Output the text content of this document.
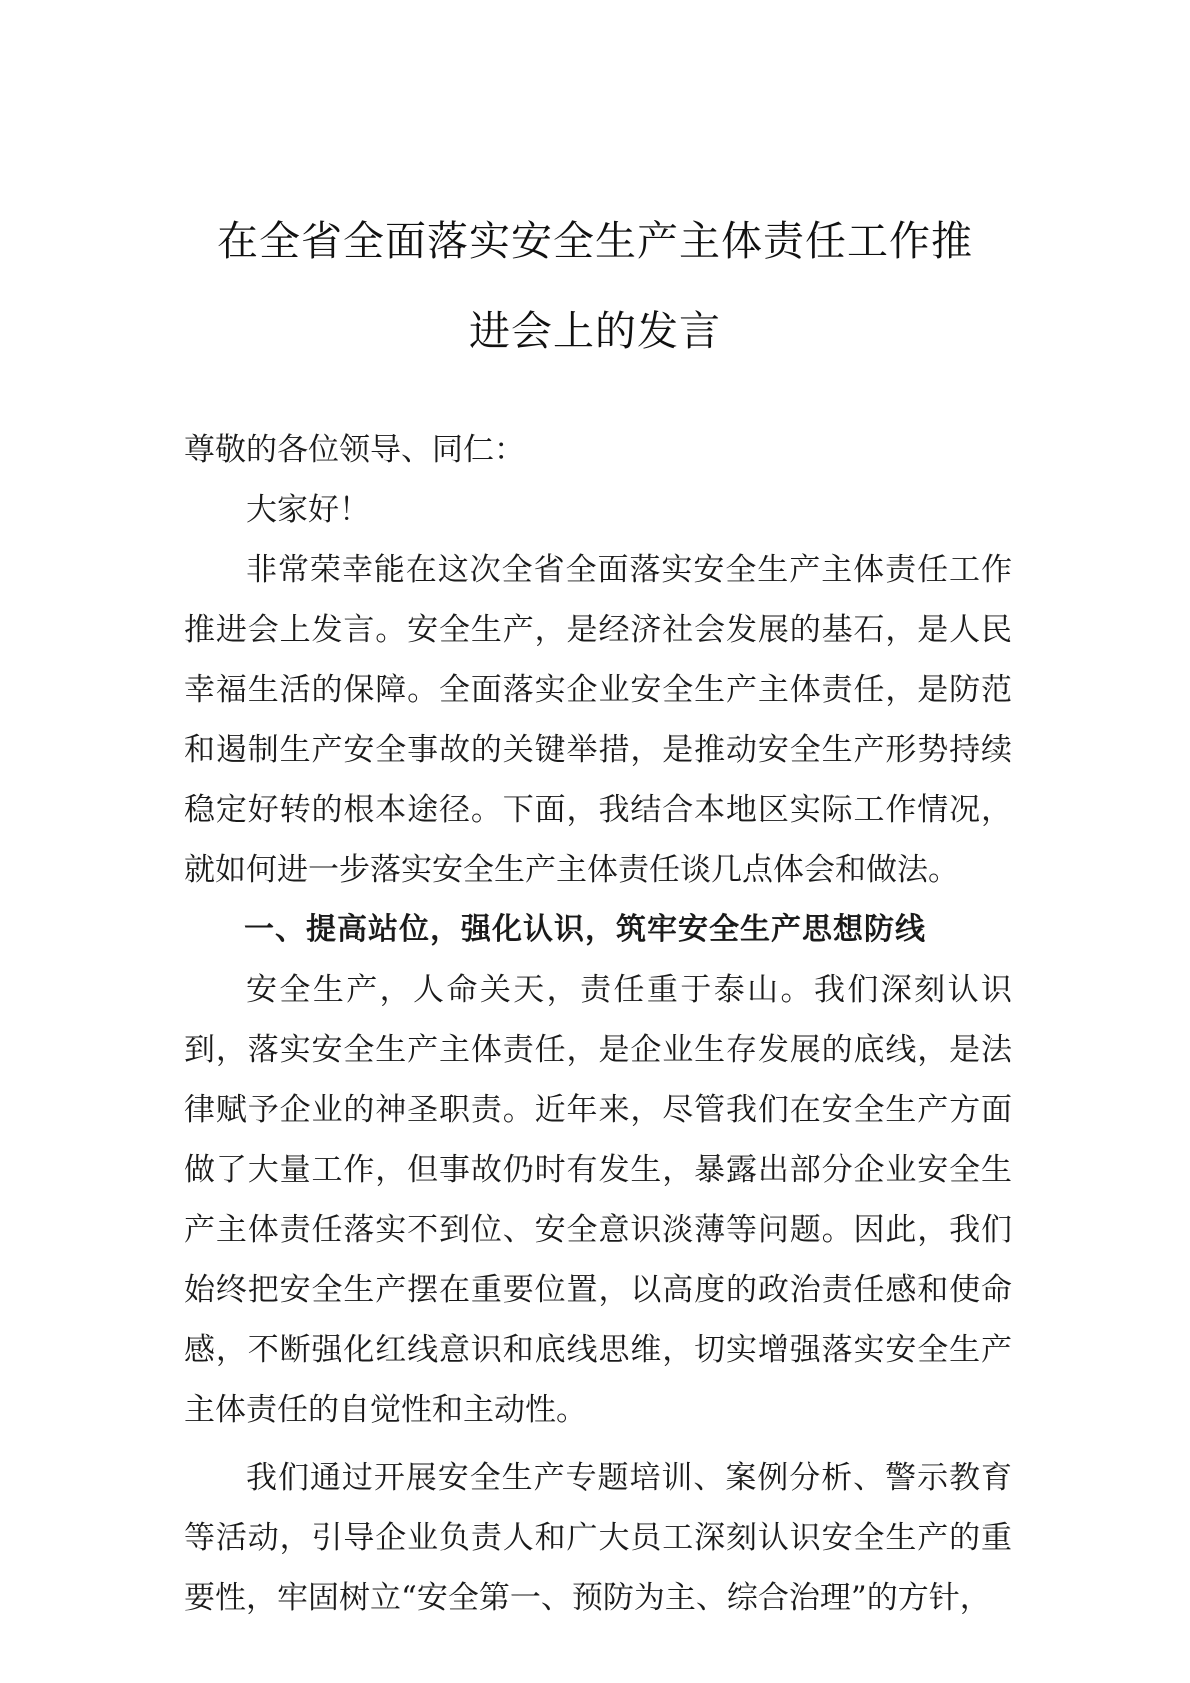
在全省全面落实安全生产主体责任工作推
进会上的发言

尊敬的各位领导、同仁：

大家好！

非常荣幸能在这次全省全面落实安全生产主体责任工作推进会上发言。安全生产，是经济社会发展的基石，是人民幸福生活的保障。全面落实企业安全生产主体责任，是防范和遏制生产安全事故的关键举措，是推动安全生产形势持续稳定好转的根本途径。下面，我结合本地区实际工作情况，就如何进一步落实安全生产主体责任谈几点体会和做法。

一、提高站位，强化认识，筑牢安全生产思想防线

安全生产，人命关天，责任重于泰山。我们深刻认识到，落实安全生产主体责任，是企业生存发展的底线，是法律赋予企业的神圣职责。近年来，尽管我们在安全生产方面做了大量工作，但事故仍时有发生，暴露出部分企业安全生产主体责任落实不到位、安全意识淡薄等问题。因此，我们始终把安全生产摆在重要位置，以高度的政治责任感和使命感，不断强化红线意识和底线思维，切实增强落实安全生产主体责任的自觉性和主动性。

我们通过开展安全生产专题培训、案例分析、警示教育等活动，引导企业负责人和广大员工深刻认识安全生产的重要性，牢固树立“安全第一、预防为主、综合治理”的方针，
